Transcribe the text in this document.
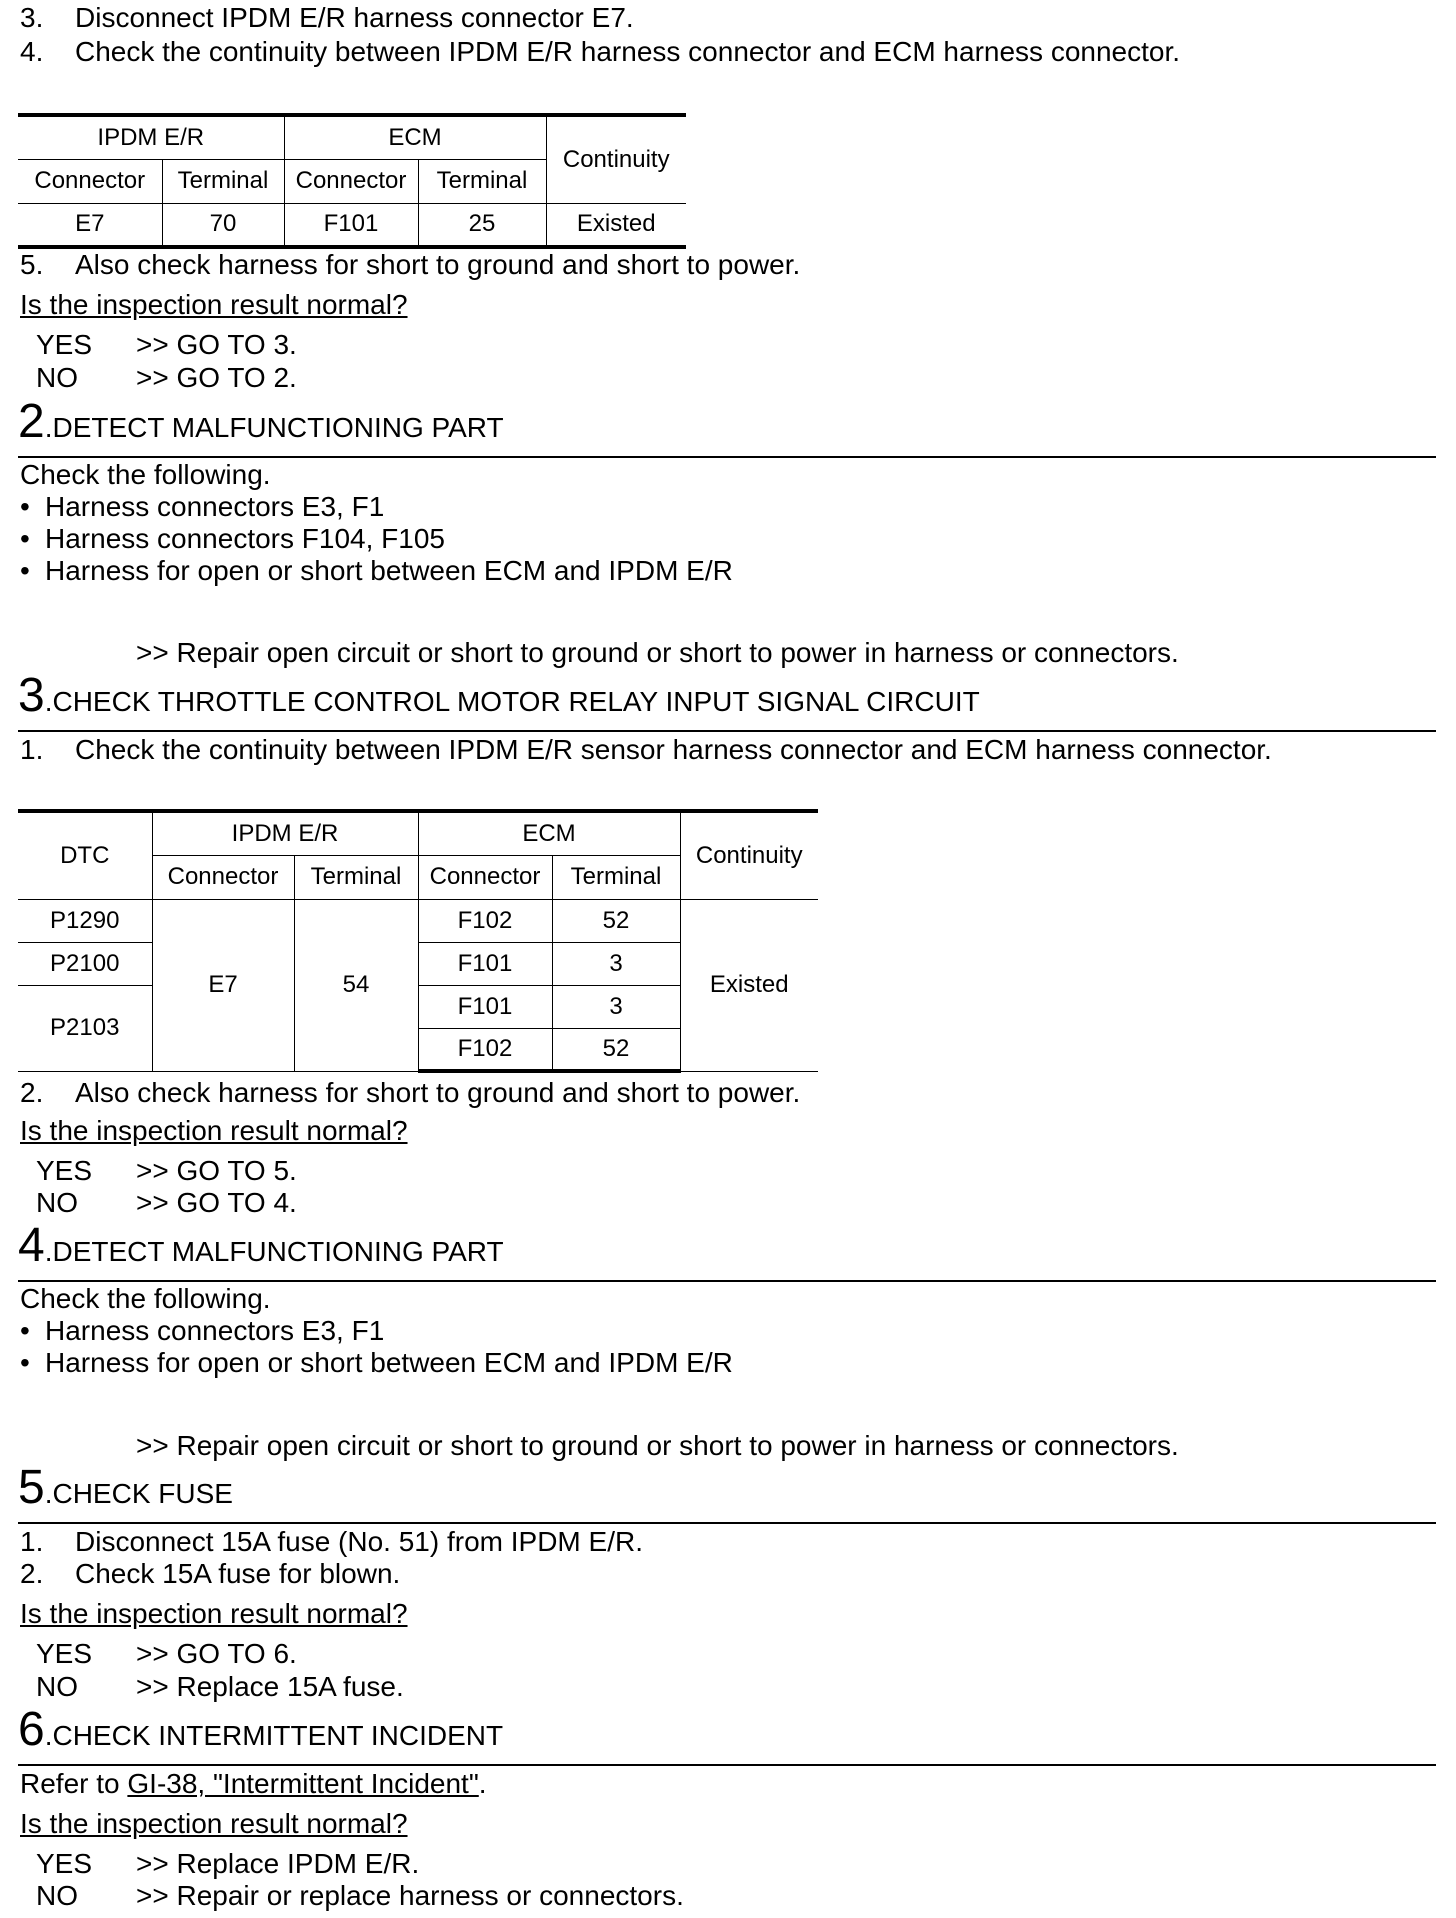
3. Disconnect IPDM E/R harness connector E7.
4. Check the continuity between IPDM E/R harness connector and ECM harness connector.
IPDM E/R		ECM		Continuity
Connector	Terminal	Connector	Terminal	
E7	70	F101	25	Existed
5. Also check harness for short to ground and short to power.
Is the inspection result normal?
YES >> GO TO 3.
NO >> GO TO 2.
2.DETECT MALFUNCTIONING PART
Check the following.
• Harness connectors E3, F1
• Harness connectors F104, F105
• Harness for open or short between ECM and IPDM E/R
>> Repair open circuit or short to ground or short to power in harness or connectors.
3.CHECK THROTTLE CONTROL MOTOR RELAY INPUT SIGNAL CIRCUIT
1. Check the continuity between IPDM E/R sensor harness connector and ECM harness connector.
DTC	IPDM E/R		ECM		Continuity
	Connector	Terminal	Connector	Terminal	
P1290	E7	54	F102	52	Existed
P2100			F101	3	
P2103			F101	3	
			F102	52	
2. Also check harness for short to ground and short to power.
Is the inspection result normal?
YES >> GO TO 5.
NO >> GO TO 4.
4.DETECT MALFUNCTIONING PART
Check the following.
• Harness connectors E3, F1
• Harness for open or short between ECM and IPDM E/R
>> Repair open circuit or short to ground or short to power in harness or connectors.
5.CHECK FUSE
1. Disconnect 15A fuse (No. 51) from IPDM E/R.
2. Check 15A fuse for blown.
Is the inspection result normal?
YES >> GO TO 6.
NO >> Replace 15A fuse.
6.CHECK INTERMITTENT INCIDENT
Refer to GI-38, "Intermittent Incident".
Is the inspection result normal?
YES >> Replace IPDM E/R.
NO >> Repair or replace harness or connectors.
